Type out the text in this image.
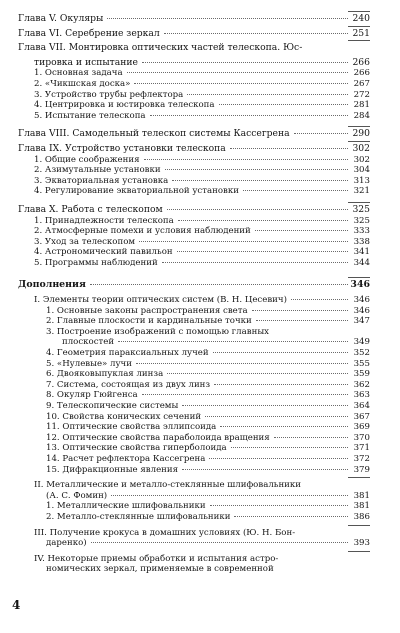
Глава V. Окуляры	240
Глава VI. Серебрение зеркал	251
Глава VII. Монтировка оптических частей телескопа. Юс-
тировка и испытание	266
1. Основная задача	266
2. «Чикшская доска»	267
3. Устройство трубы рефлектора	272
4. Центрировка и юстировка телескопа	281
5. Испытание телескопа	284
Глава VIII. Самодельный телескоп системы Кассегрена	290
Глава IX. Устройство установки телескопа	302
1. Общие соображения	302
2. Азимутальные установки	304
3. Экваториальная установка	313
4. Регулирование экваториальной установки	321
Глава X. Работа с телескопом	325
1. Принадлежности телескопа	325
2. Атмосферные помехи и условия наблюдений	333
3. Уход за телескопом	338
4. Астрономический павильон	341
5. Программы наблюдений	344
Дополнения	346
I. Элементы теории оптических систем (В. Н. Цесевич)	346
1. Основные законы распространения света	346
2. Главные плоскости и кардинальные точки	347
3. Построение изображений с помощью главных
плоскостей	349
4. Геометрия параксиальных лучей	352
5. «Нулевые» лучи	355
6. Двояковыпуклая линза	359
7. Система, состоящая из двух линз	362
8. Окуляр Гюйгенса	363
9. Телескопические системы	364
10. Свойства конических сечений	367
11. Оптические свойства эллипсоида	369
12. Оптические свойства параболоида вращения	370
13. Оптические свойства гиперболоида	371
14. Расчет рефлектора Кассегрена	372
15. Дифракционные явления	379
II. Металлические и металло-стеклянные шлифовальники
(А. С. Фомин)	381
1. Металлические шлифовальники	381
2. Металло-стеклянные шлифовальники	386
III. Получение крокуса в домашних условиях (Ю. Н. Бон-
даренко)	393
IV. Некоторые приемы обработки и испытания астро-
номических зеркал, применяемые в современной
4
